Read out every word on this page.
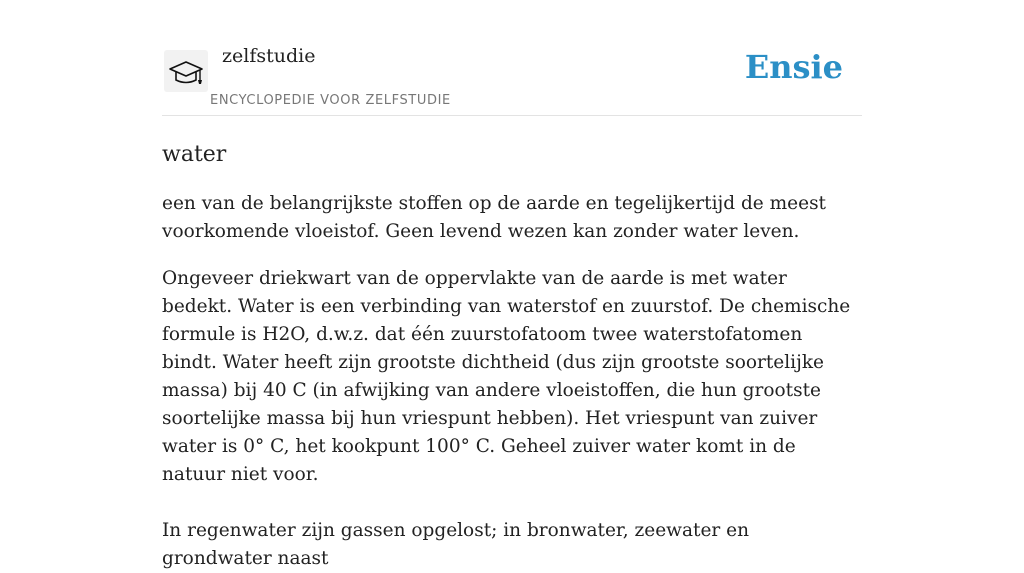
zelfstudie
ENCYCLOPEDIE VOOR ZELFSTUDIE
Ensie
water

een van de belangrijkste stoffen op de aarde en tegelijkertijd de meest voorkomende vloeistof. Geen levend wezen kan zonder water leven.

Ongeveer driekwart van de oppervlakte van de aarde is met water bedekt. Water is een verbinding van waterstof en zuurstof. De chemische formule is H2O, d.w.z. dat één zuurstofatoom twee waterstofatomen bindt. Water heeft zijn grootste dichtheid (dus zijn grootste soortelijke massa) bij 40 C (in afwijking van andere vloeistoffen, die hun grootste soortelijke massa bij hun vriespunt hebben). Het vriespunt van zuiver water is 0° C, het kookpunt 100° C. Geheel zuiver water komt in de natuur niet voor.

In regenwater zijn gassen opgelost; in bronwater, zeewater en grondwater naast
